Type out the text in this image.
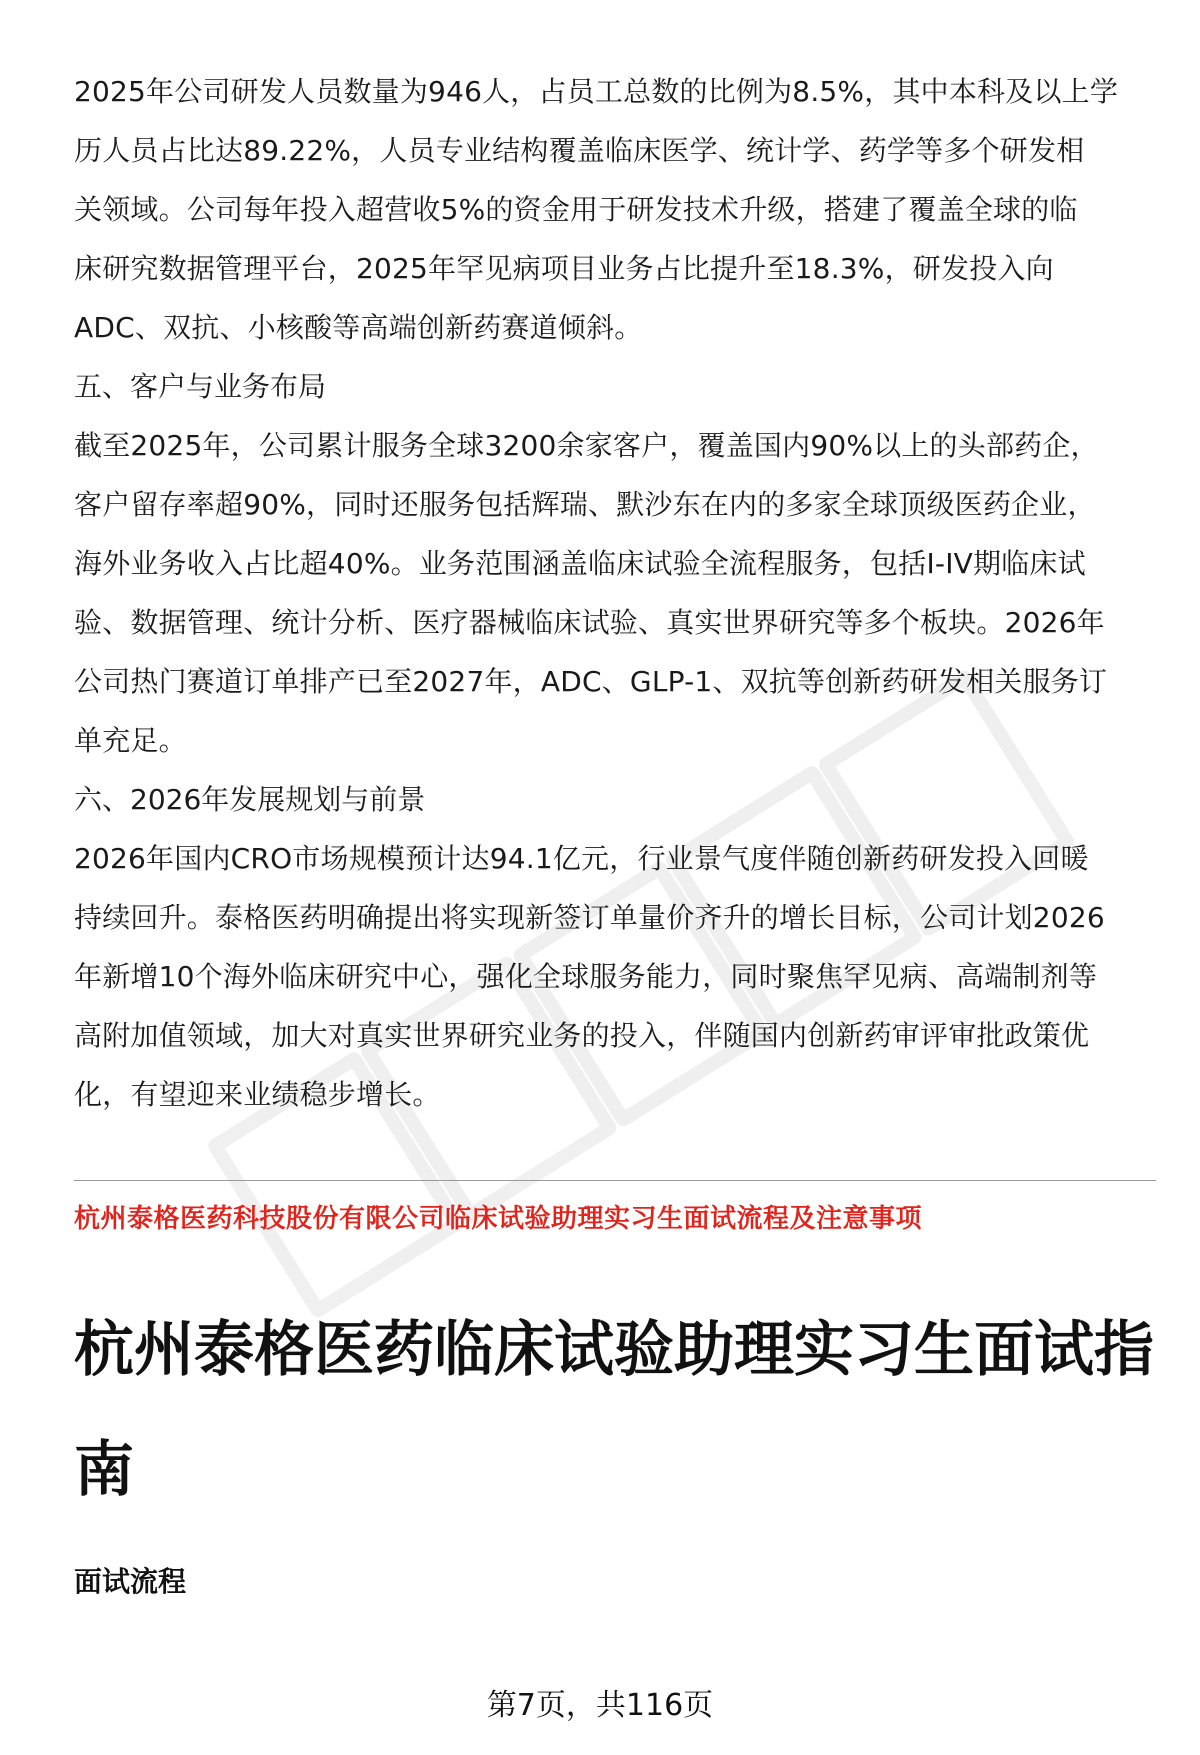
2025年公司研发人员数量为946人，占员工总数的比例为8.5%，其中本科及以上学

历人员占比达89.22%，人员专业结构覆盖临床医学、统计学、药学等多个研发相

关领域。公司每年投入超营收5%的资金用于研发技术升级，搭建了覆盖全球的临

床研究数据管理平台，2025年罕见病项目业务占比提升至18.3%，研发投入向

ADC、双抗、小核酸等高端创新药赛道倾斜。

五、客户与业务布局

截至2025年，公司累计服务全球3200余家客户，覆盖国内90%以上的头部药企，

客户留存率超90%，同时还服务包括辉瑞、默沙东在内的多家全球顶级医药企业，

海外业务收入占比超40%。业务范围涵盖临床试验全流程服务，包括I-IV期临床试

验、数据管理、统计分析、医疗器械临床试验、真实世界研究等多个板块。2026年

公司热门赛道订单排产已至2027年，ADC、GLP-1、双抗等创新药研发相关服务订

单充足。

六、2026年发展规划与前景

2026年国内CRO市场规模预计达94.1亿元，行业景气度伴随创新药研发投入回暖

持续回升。泰格医药明确提出将实现新签订单量价齐升的增长目标，公司计划2026

年新增10个海外临床研究中心，强化全球服务能力，同时聚焦罕见病、高端制剂等

高附加值领域，加大对真实世界研究业务的投入，伴随国内创新药审评审批政策优

化，有望迎来业绩稳步增长。

杭州泰格医药科技股份有限公司临床试验助理实习生面试流程及注意事项
杭州泰格医药临床试验助理实习生面试指
南
面试流程
第7页，共116页
